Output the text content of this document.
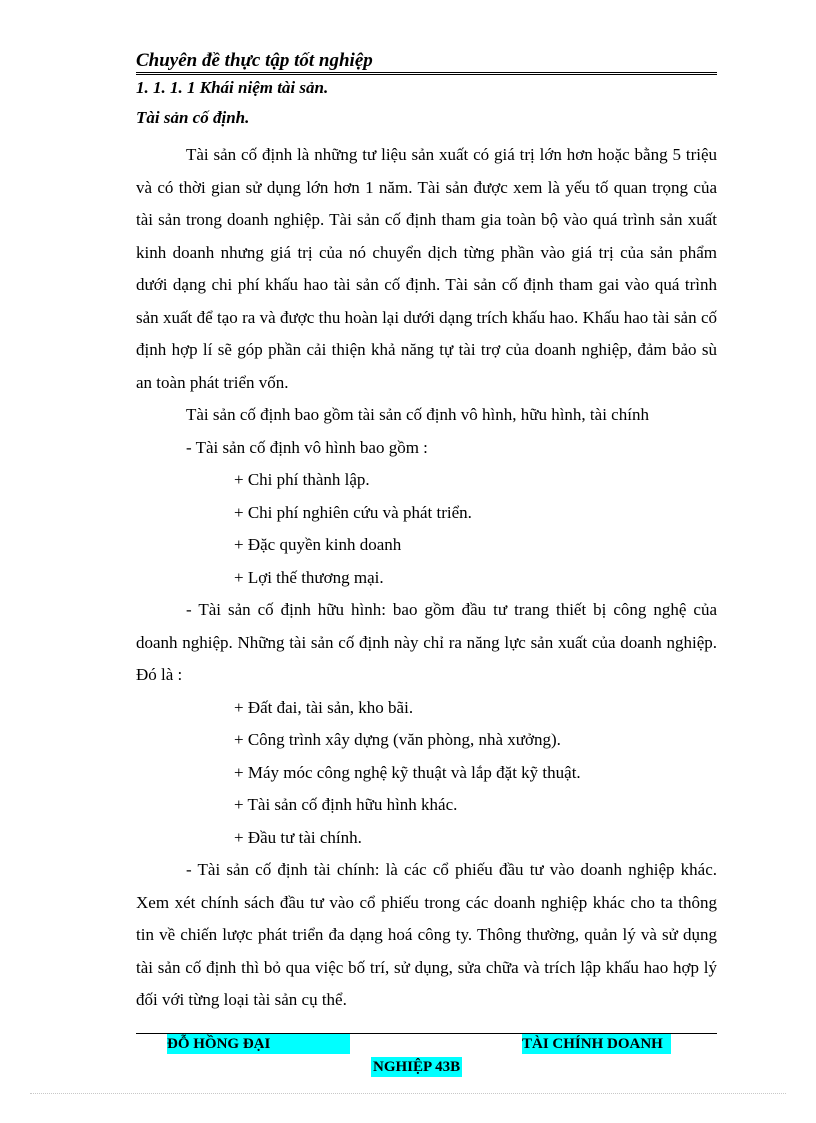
Chuyên đề thực tập tốt nghiệp
1. 1. 1. 1 Khái niệm tài sản.
Tài sản cố định.

Tài sản cố định là những tư liệu sản xuất có giá trị lớn hơn hoặc bằng 5 triệu và có thời gian sử dụng lớn hơn 1 năm. Tài sản được xem là yếu tố quan trọng của tài sản trong doanh nghiệp. Tài sản cố định tham gia toàn bộ vào quá trình sản xuất kinh doanh nhưng giá trị của nó chuyển dịch từng phần vào giá trị của sản phẩm dưới dạng chi phí khấu hao tài sản cố định. Tài sản cố định tham gai vào quá trình sản xuất để tạo ra và được thu hoàn lại dưới dạng trích khấu hao. Khấu hao tài sản cố định hợp lí sẽ góp phần cải thiện khả năng tự tài trợ của doanh nghiệp, đảm bảo sù an toàn phát triển vốn.

Tài sản cố định bao gồm tài sản cố định vô hình, hữu hình, tài chính

- Tài sản cố định vô hình bao gồm :

+ Chi phí thành lập.

+ Chi phí nghiên cứu và phát triển.

+ Đặc quyền kinh doanh

+ Lợi thế thương mại.

- Tài sản cố định hữu hình: bao gồm đầu tư trang thiết bị công nghệ của doanh nghiệp. Những tài sản cố định này chỉ ra năng lực sản xuất của doanh nghiệp. Đó là :

+ Đất đai, tài sản, kho bãi.

+ Công trình xây dựng (văn phòng, nhà xưởng).

+ Máy móc công nghệ kỹ thuật và lắp đặt kỹ thuật.

+ Tài sản cố định hữu hình khác.

+ Đầu tư tài chính.

- Tài sản cố định tài chính: là các cổ phiếu đầu tư vào doanh nghiệp khác. Xem xét chính sách đầu tư vào cổ phiếu trong các doanh nghiệp khác cho ta thông tin về chiến lược phát triển đa dạng hoá công ty. Thông thường, quản lý và sử dụng tài sản cố định thì bỏ qua việc bố trí, sử dụng, sửa chữa và trích lập khấu hao hợp lý đối với từng loại tài sản cụ thể.

ĐỖ HỒNG ĐẠI	TÀI CHÍNH DOANH
NGHIỆP 43B
